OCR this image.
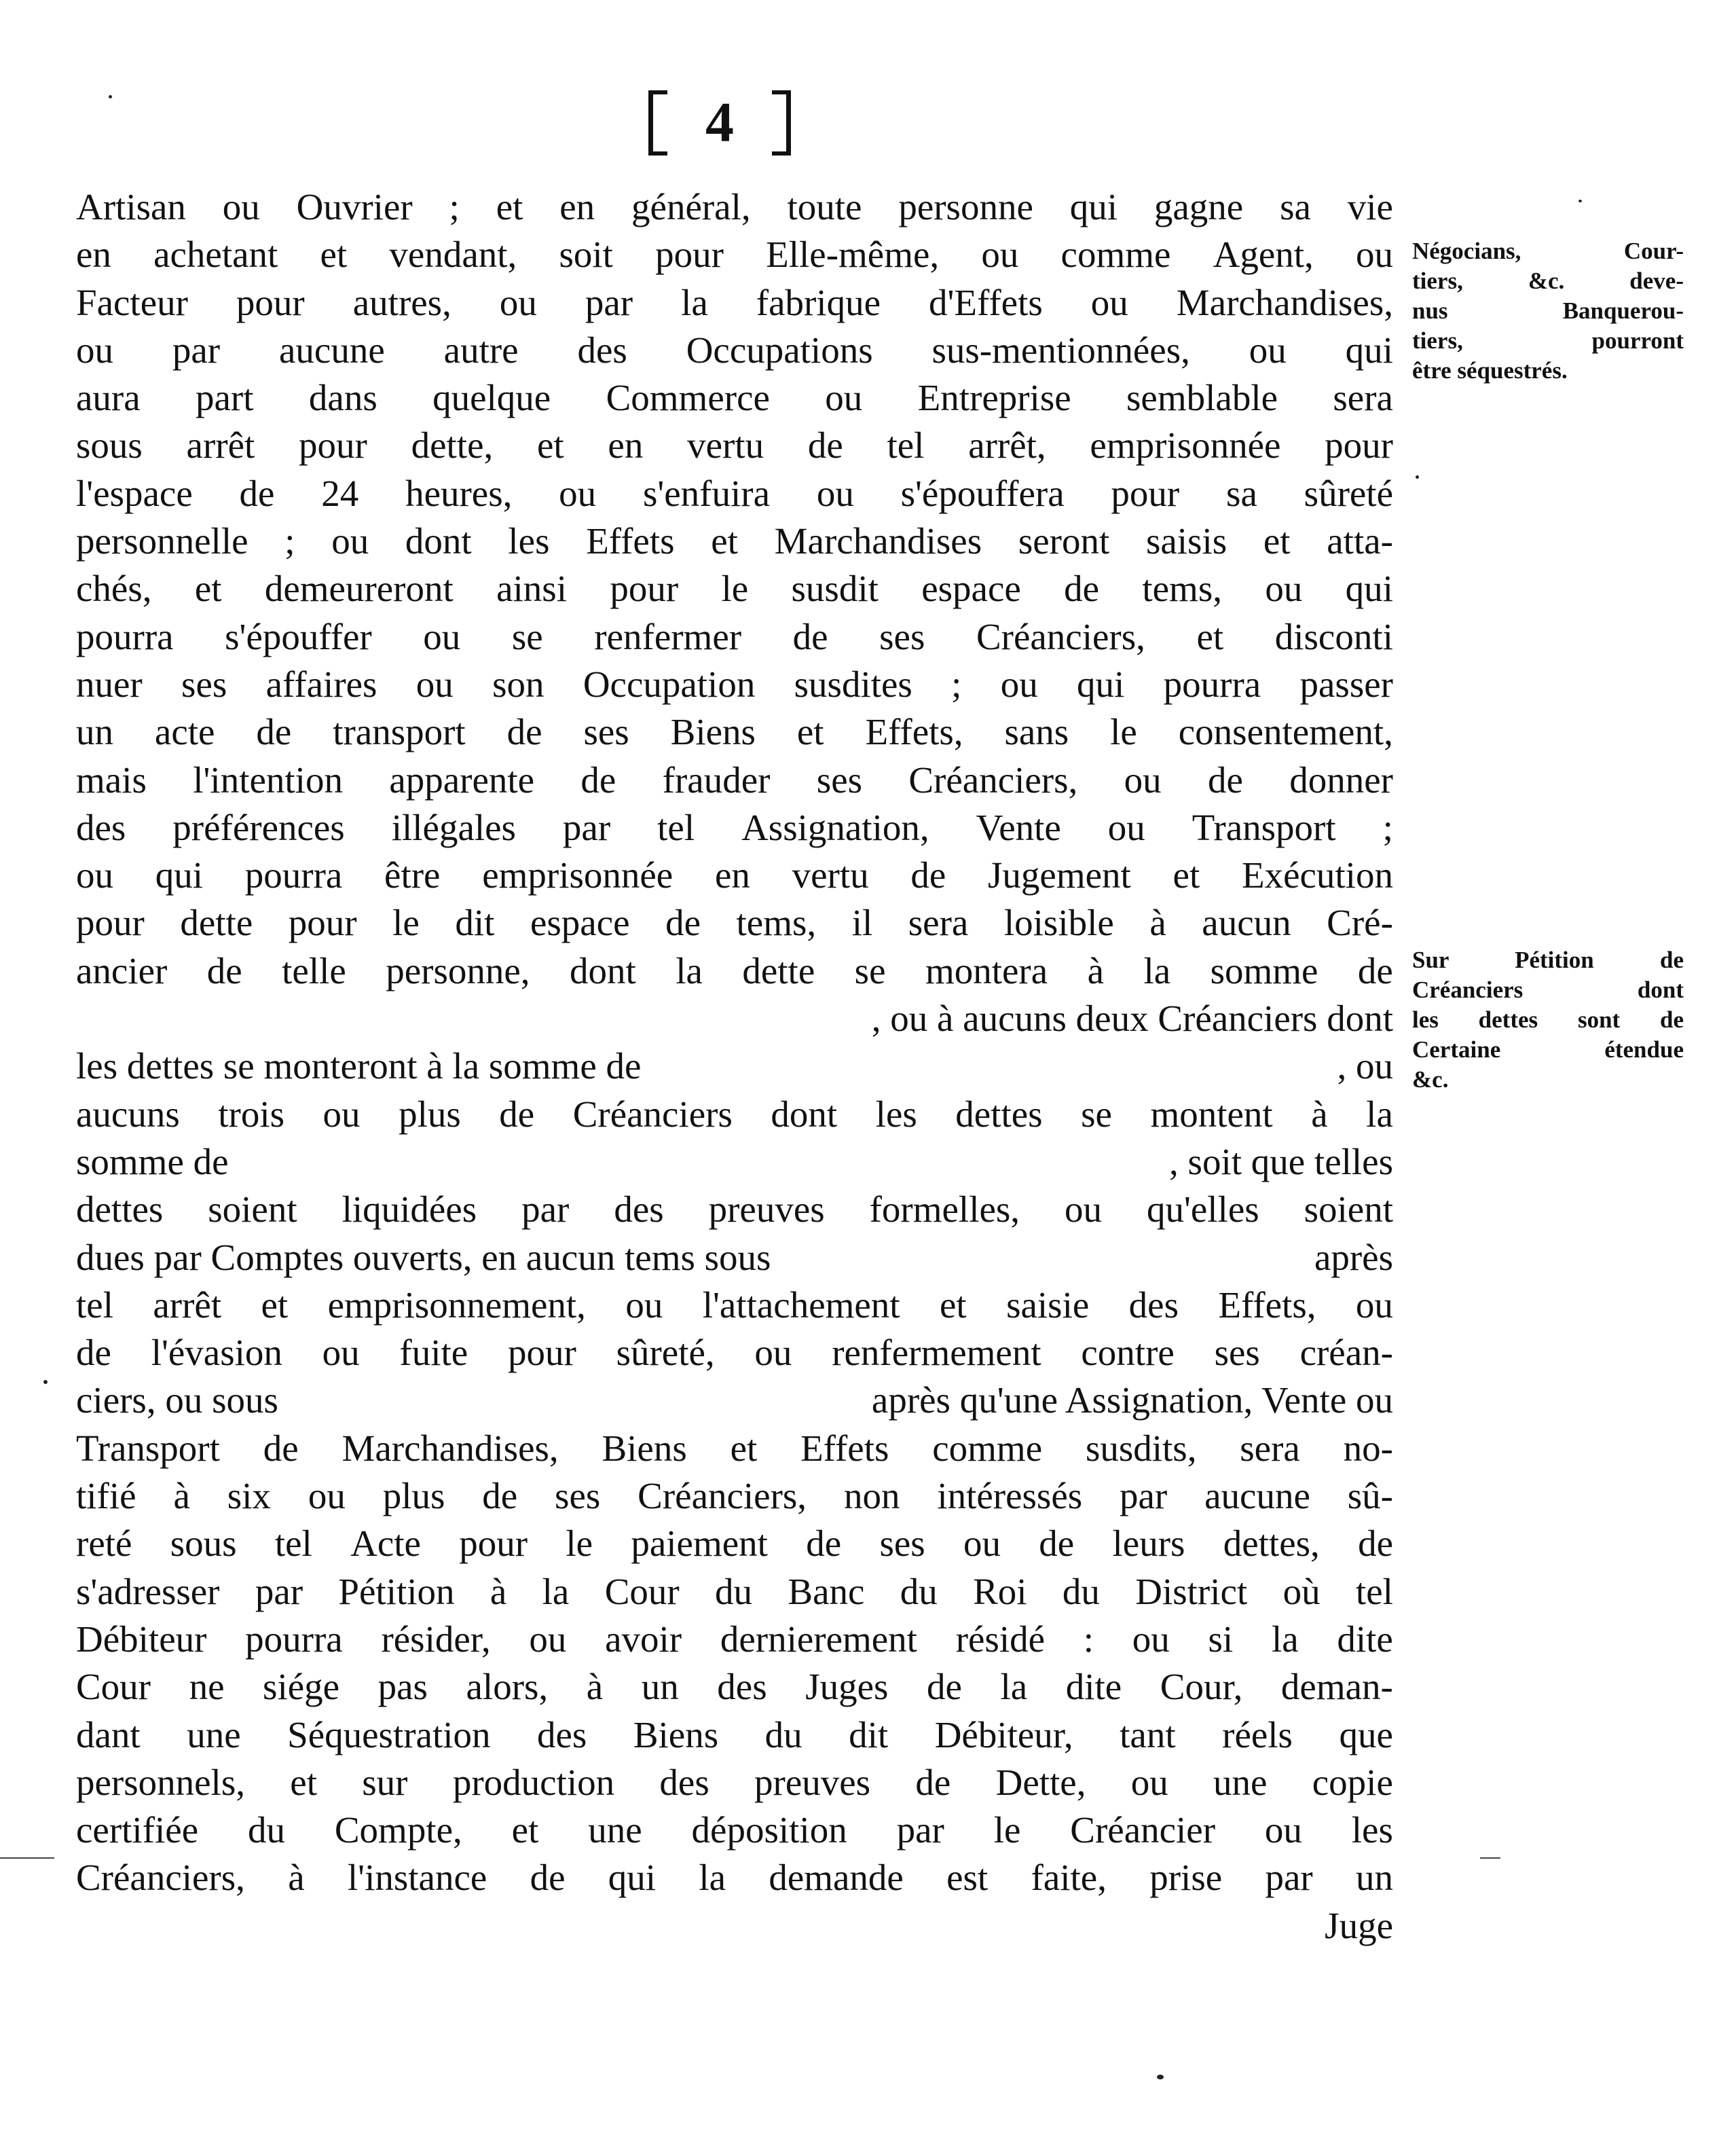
4
Artisan ou Ouvrier ; et en général, toute personne qui gagne sa vie
en achetant et vendant, soit pour Elle-même, ou comme Agent, ou
Facteur pour autres, ou par la fabrique d'Effets ou Marchandises,
ou par aucune autre des Occupations sus-mentionnées, ou qui
aura part dans quelque Commerce ou Entreprise semblable sera
sous arrêt pour dette, et en vertu de tel arrêt, emprisonnée pour
l'espace de 24 heures, ou s'enfuira ou s'épouffera pour sa sûreté
personnelle ; ou dont les Effets et Marchandises seront saisis et atta-
chés, et demeureront ainsi pour le susdit espace de tems, ou qui
pourra s'épouffer ou se renfermer de ses Créanciers, et disconti
nuer ses affaires ou son Occupation susdites ; ou qui pourra passer
un acte de transport de ses Biens et Effets, sans le consentement,
mais l'intention apparente de frauder ses Créanciers, ou de donner
des préférences illégales par tel Assignation, Vente ou Transport ;
ou qui pourra être emprisonnée en vertu de Jugement et Exécution
pour dette pour le dit espace de tems, il sera loisible à aucun Cré-
ancier de telle personne, dont la dette se montera à la somme de
, ou à aucuns deux Créanciers dont
les dettes se monteront à la somme de	, ou
aucuns trois ou plus de Créanciers dont les dettes se montent à la
somme de	, soit que telles
dettes soient liquidées par des preuves formelles, ou qu'elles soient
dues par Comptes ouverts, en aucun tems sous	après
tel arrêt et emprisonnement, ou l'attachement et saisie des Effets, ou
de l'évasion ou fuite pour sûreté, ou renfermement contre ses créan-
ciers, ou sous	après qu'une Assignation, Vente ou
Transport de Marchandises, Biens et Effets comme susdits, sera no-
tifié à six ou plus de ses Créanciers, non intéressés par aucune sû-
reté sous tel Acte pour le paiement de ses ou de leurs dettes, de
s'adresser par Pétition à la Cour du Banc du Roi du District où tel
Débiteur pourra résider, ou avoir dernierement résidé : ou si la dite
Cour ne siége pas alors, à un des Juges de la dite Cour, deman-
dant une Séquestration des Biens du dit Débiteur, tant réels que
personnels, et sur production des preuves de Dette, ou une copie
certifiée du Compte, et une déposition par le Créancier ou les
Créanciers, à l'instance de qui la demande est faite, prise par un
Juge
Négocians, Cour-
tiers, &c. deve-
nus Banquerou-
tiers, pourront
être séquestrés.
Sur Pétition de
Créanciers dont
les dettes sont de
Certaine étendue
&c.
